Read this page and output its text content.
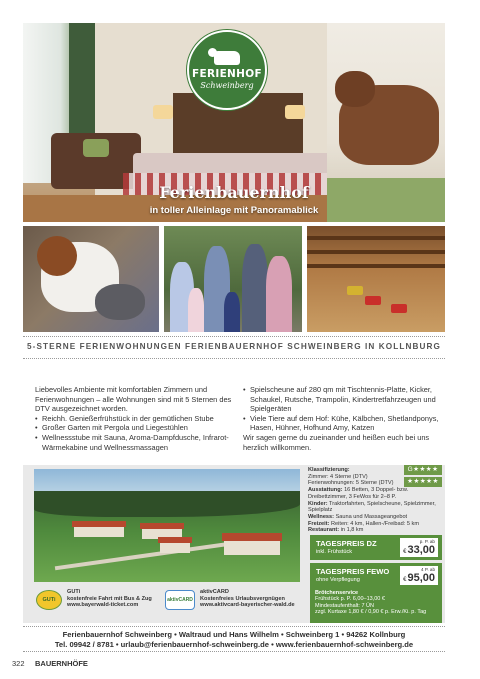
FERIENHOF
Schweinberg
Ferienbauernhof
in toller Alleinlage mit Panoramablick
5-STERNE FERIENWOHNUNGEN FERIENBAUERNHOF SCHWEINBERG IN KOLLNBURG

Liebevolles Ambiente mit komfortablen Zimmern und Ferienwohnungen – alle Wohnungen sind mit 5 Sternen des DTV ausgezeichnet worden.

• Reichh. Genießerfrühstück in der gemütlichen Stube
• Großer Garten mit Pergola und Liegestühlen
• Wellnessstube mit Sauna, Aroma-Dampfdusche, Infrarot-Wärmekabine und Wellnessmassagen
• Spielscheune auf 280 qm mit Tischtennis-Platte, Kicker, Schaukel, Rutsche, Trampolin, Kindertretfahrzeugen und Spielgeräten
• Viele Tiere auf dem Hof: Kühe, Kälbchen, Shetlandponys, Hasen, Hühner, Hofhund Amy, Katzen

Wir sagen gerne du zueinander und heißen euch bei uns herzlich willkommen.

G★★★★
★★★★★
Klassifizierung:
Zimmer: 4 Sterne (DTV)
Ferienwohnungen: 5 Sterne (DTV)
Ausstattung: 16 Betten, 3 Doppel- bzw. Dreibettzimmer, 3 FeWos für 2–8 P.
Kinder: Traktorfahrten, Spielscheune, Spielzimmer, Spielplatz
Wellness: Sauna und Massageangebot
Freizeit: Reiten: 4 km, Hallen-/Freibad: 5 km
Restaurant: in 1,8 km
TAGESPREIS DZ
inkl. Frühstück
p. P. ab
€33,00
TAGESPREIS FEWO
ohne Verpflegung
4 P. ab
€95,00
Brötchenservice
Frühstück p. P. 6,00–13,00 €
Mindestaufenthalt: 7 ÜN
zzgl. Kurtaxe 1,80 € / 0,90 € p. Erw./Ki. p. Tag
GUTi
GUTi
kostenfreie Fahrt mit Bus & Zug
www.bayerwald-ticket.com
aktivCARD
aktivCARD
Kostenfreies Urlaubsvergnügen
www.aktivcard-bayerischer-wald.de
Ferienbauernhof Schweinberg • Waltraud und Hans Wilhelm • Schweinberg 1 • 94262 Kollnburg
Tel. 09942 / 8781 • urlaub@ferienbauernhof-schweinberg.de • www.ferienbauernhof-schweinberg.de
322 BAUERNHÖFE
